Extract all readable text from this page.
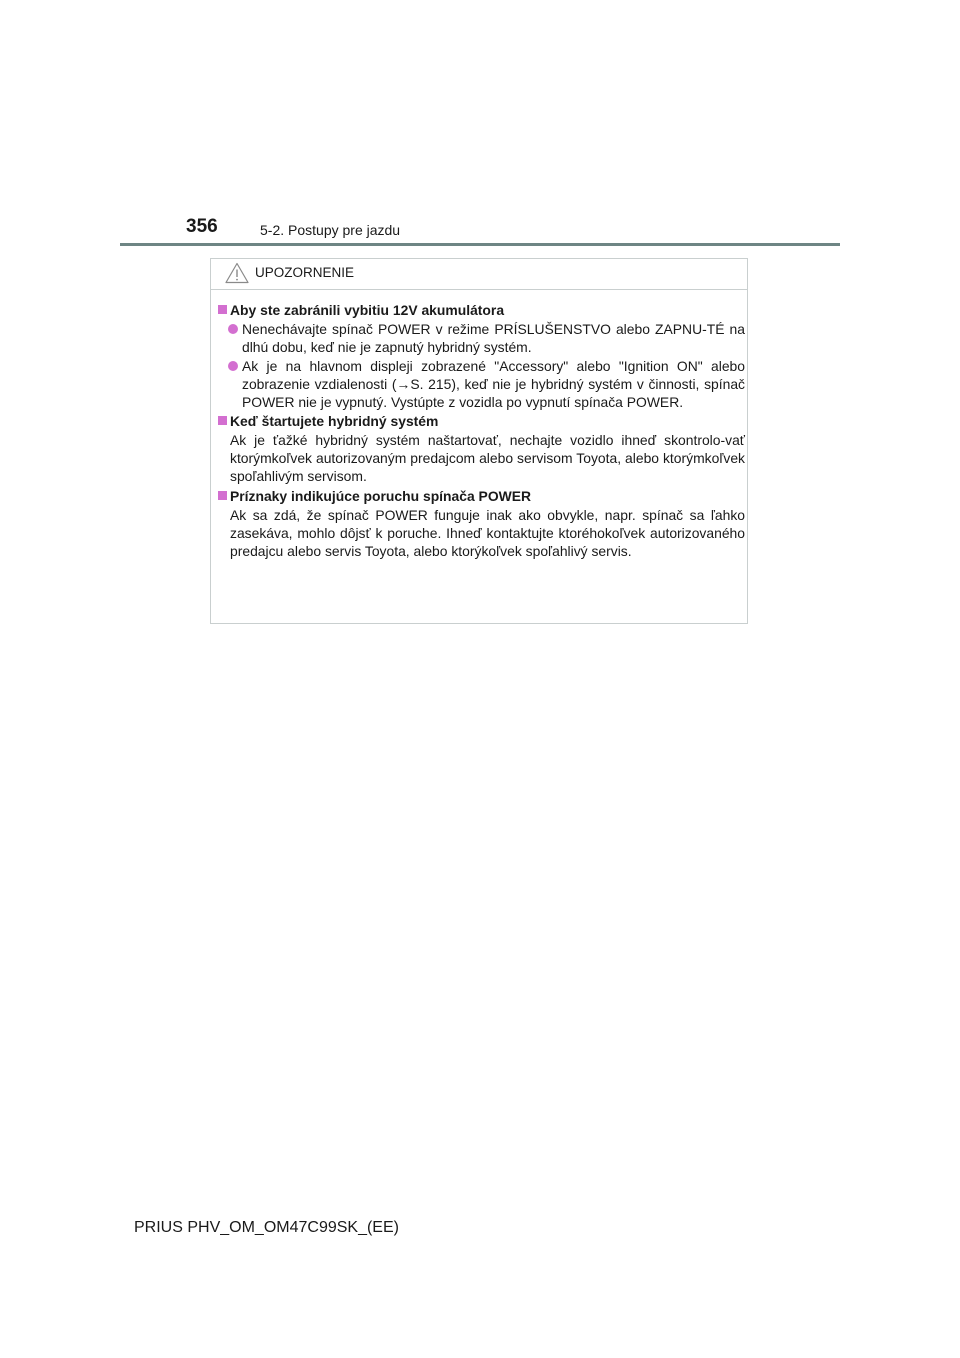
356	5-2. Postupy pre jazdu
UPOZORNENIE
Aby ste zabránili vybitiu 12V akumulátora
Nenechávajte spínač POWER v režime PRÍSLUŠENSTVO alebo ZAPNU-TÉ na dlhú dobu, keď nie je zapnutý hybridný systém.
Ak je na hlavnom displeji zobrazené "Accessory" alebo "Ignition ON" alebo zobrazenie vzdialenosti (→S. 215), keď nie je hybridný systém v činnosti, spínač POWER nie je vypnutý. Vystúpte z vozidla po vypnutí spínača POWER.
Keď štartujete hybridný systém
Ak je ťažké hybridný systém naštartovať, nechajte vozidlo ihneď skontrolo-vať ktorýmkoľvek autorizovaným predajcom alebo servisom Toyota, alebo ktorýmkoľvek spoľahlivým servisom.
Príznaky indikujúce poruchu spínača POWER
Ak sa zdá, že spínač POWER funguje inak ako obvykle, napr. spínač sa ľahko zasekáva, mohlo dôjsť k poruche. Ihneď kontaktujte ktoréhokoľvek autorizovaného predajcu alebo servis Toyota, alebo ktorýkoľvek spoľahlivý servis.
PRIUS PHV_OM_OM47C99SK_(EE)
